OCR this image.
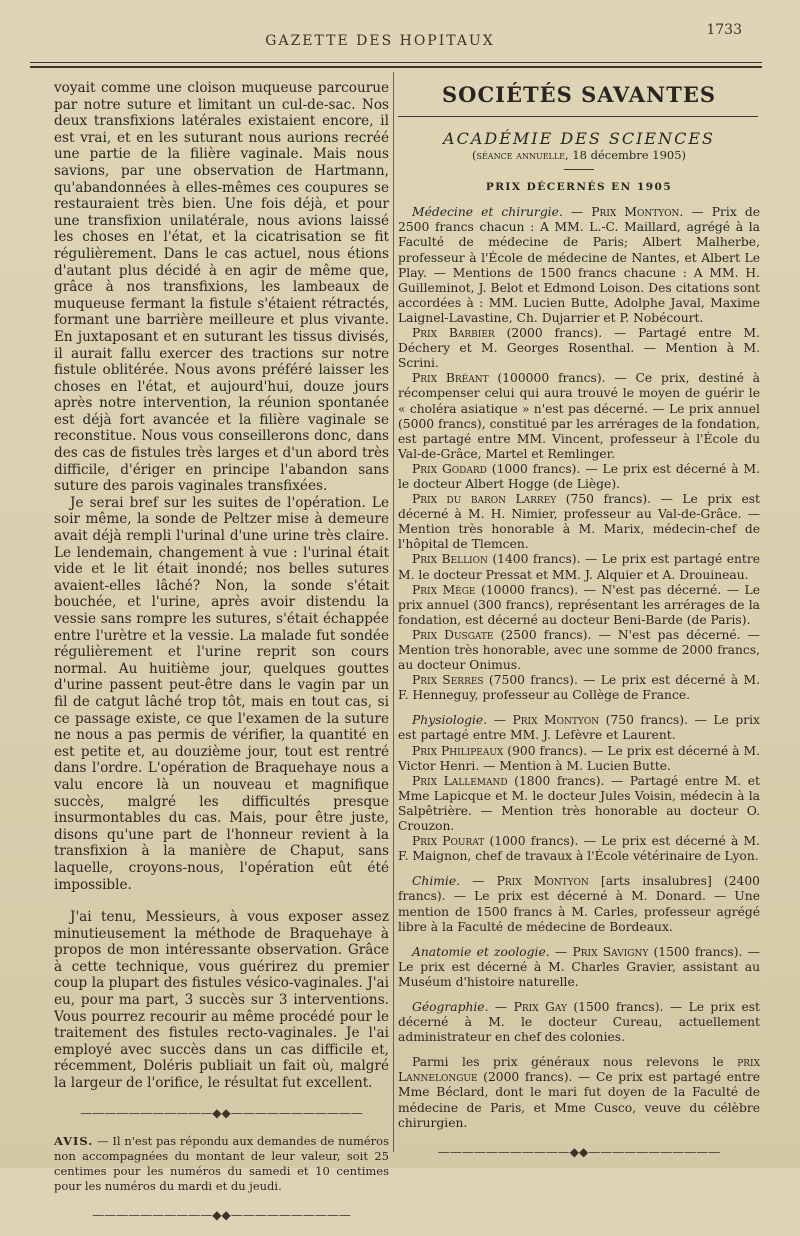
GAZETTE DES HOPITAUX
1733

voyait comme une cloison muqueuse parcourue par notre suture et limitant un cul-de-sac. Nos deux transfixions latérales existaient encore, il est vrai, et en les suturant nous aurions recréé une partie de la filière vaginale. Mais nous savions, par une observation de Hartmann, qu'abandonnées à elles-mêmes ces coupures se restauraient très bien. Une fois déjà, et pour une transfixion unilatérale, nous avions laissé les choses en l'état, et la cicatrisation se fit régulièrement. Dans le cas actuel, nous étions d'autant plus décidé à en agir de même que, grâce à nos transfixions, les lambeaux de muqueuse fermant la fistule s'étaient rétractés, formant une barrière meilleure et plus vivante. En juxtaposant et en suturant les tissus divisés, il aurait fallu exercer des tractions sur notre fistule oblitérée. Nous avons préféré laisser les choses en l'état, et aujourd'hui, douze jours après notre intervention, la réunion spontanée est déjà fort avancée et la filière vaginale se reconstitue. Nous vous conseillerons donc, dans des cas de fistules très larges et d'un abord très difficile, d'ériger en principe l'abandon sans suture des parois vaginales transfixées.

Je serai bref sur les suites de l'opération. Le soir même, la sonde de Peltzer mise à demeure avait déjà rempli l'urinal d'une urine très claire. Le lendemain, changement à vue : l'urinal était vide et le lit était inondé; nos belles sutures avaient-elles lâché? Non, la sonde s'était bouchée, et l'urine, après avoir distendu la vessie sans rompre les sutures, s'était échappée entre l'urètre et la vessie. La malade fut sondée régulièrement et l'urine reprit son cours normal. Au huitième jour, quelques gouttes d'urine passent peut-être dans le vagin par un fil de catgut lâché trop tôt, mais en tout cas, si ce passage existe, ce que l'examen de la suture ne nous a pas permis de vérifier, la quantité en est petite et, au douzième jour, tout est rentré dans l'ordre. L'opération de Braquehaye nous a valu encore là un nouveau et magnifique succès, malgré les difficultés presque insurmontables du cas. Mais, pour être juste, disons qu'une part de l'honneur revient à la transfixion à la manière de Chaput, sans laquelle, croyons-nous, l'opération eût été impossible.

J'ai tenu, Messieurs, à vous exposer assez minutieusement la méthode de Braquehaye à propos de mon intéressante observation. Grâce à cette technique, vous guérirez du premier coup la plupart des fistules vésico-vaginales. J'ai eu, pour ma part, 3 succès sur 3 interventions. Vous pourrez recourir au même procédé pour le traitement des fistules recto-vaginales. Je l'ai employé avec succès dans un cas difficile et, récemment, Doléris publiait un fait où, malgré la largeur de l'orifice, le résultat fut excellent.

———————————◆◆———————————

AVIS. — Il n'est pas répondu aux demandes de numéros non accompagnées du montant de leur valeur, soit 25 centimes pour les numéros du samedi et 10 centimes pour les numéros du mardi et du jeudi.

——————————◆◆——————————
SOCIÉTÉS SAVANTES
ACADÉMIE DES SCIENCES

(séance annuelle, 18 décembre 1905)

PRIX DÉCERNÉS EN 1905

Médecine et chirurgie. — Prix Montyon. — Prix de 2500 francs chacun : A MM. L.-C. Maillard, agrégé à la Faculté de médecine de Paris; Albert Malherbe, professeur à l'École de médecine de Nantes, et Albert Le Play. — Mentions de 1500 francs chacune : A MM. H. Guilleminot, J. Belot et Edmond Loison. Des citations sont accordées à : MM. Lucien Butte, Adolphe Javal, Maxime Laignel-Lavastine, Ch. Dujarrier et P. Nobécourt.

Prix Barbier (2000 francs). — Partagé entre M. Déchery et M. Georges Rosenthal. — Mention à M. Scrini.

Prix Bréant (100000 francs). — Ce prix, destiné à récompenser celui qui aura trouvé le moyen de guérir le « choléra asiatique » n'est pas décerné. — Le prix annuel (5000 francs), constitué par les arrérages de la fondation, est partagé entre MM. Vincent, professeur à l'École du Val-de-Grâce, Martel et Remlinger.

Prix Godard (1000 francs). — Le prix est décerné à M. le docteur Albert Hogge (de Liège).

Prix du baron Larrey (750 francs). — Le prix est décerné à M. H. Nimier, professeur au Val-de-Grâce. — Mention très honorable à M. Marix, médecin-chef de l'hôpital de Tlemcen.

Prix Bellion (1400 francs). — Le prix est partagé entre M. le docteur Pressat et MM. J. Alquier et A. Drouineau.

Prix Mège (10000 francs). — N'est pas décerné. — Le prix annuel (300 francs), représentant les arrérages de la fondation, est décerné au docteur Beni-Barde (de Paris).

Prix Dusgate (2500 francs). — N'est pas décerné. — Mention très honorable, avec une somme de 2000 francs, au docteur Onimus.

Prix Serres (7500 francs). — Le prix est décerné à M. F. Henneguy, professeur au Collège de France.

Physiologie. — Prix Montyon (750 francs). — Le prix est partagé entre MM. J. Lefèvre et Laurent.

Prix Philipeaux (900 francs). — Le prix est décerné à M. Victor Henri. — Mention à M. Lucien Butte.

Prix Lallemand (1800 francs). — Partagé entre M. et Mme Lapicque et M. le docteur Jules Voisin, médecin à la Salpêtrière. — Mention très honorable au docteur O. Crouzon.

Prix Pourat (1000 francs). — Le prix est décerné à M. F. Maignon, chef de travaux à l'École vétérinaire de Lyon.

Chimie. — Prix Montyon [arts insalubres] (2400 francs). — Le prix est décerné à M. Donard. — Une mention de 1500 francs à M. Carles, professeur agrégé libre à la Faculté de médecine de Bordeaux.

Anatomie et zoologie. — Prix Savigny (1500 francs). — Le prix est décerné à M. Charles Gravier, assistant au Muséum d'histoire naturelle.

Géographie. — Prix Gay (1500 francs). — Le prix est décerné à M. le docteur Cureau, actuellement administrateur en chef des colonies.

Parmi les prix généraux nous relevons le prix Lannelongue (2000 francs). — Ce prix est partagé entre Mme Béclard, dont le mari fut doyen de la Faculté de médecine de Paris, et Mme Cusco, veuve du célèbre chirurgien.

———————————◆◆———————————
